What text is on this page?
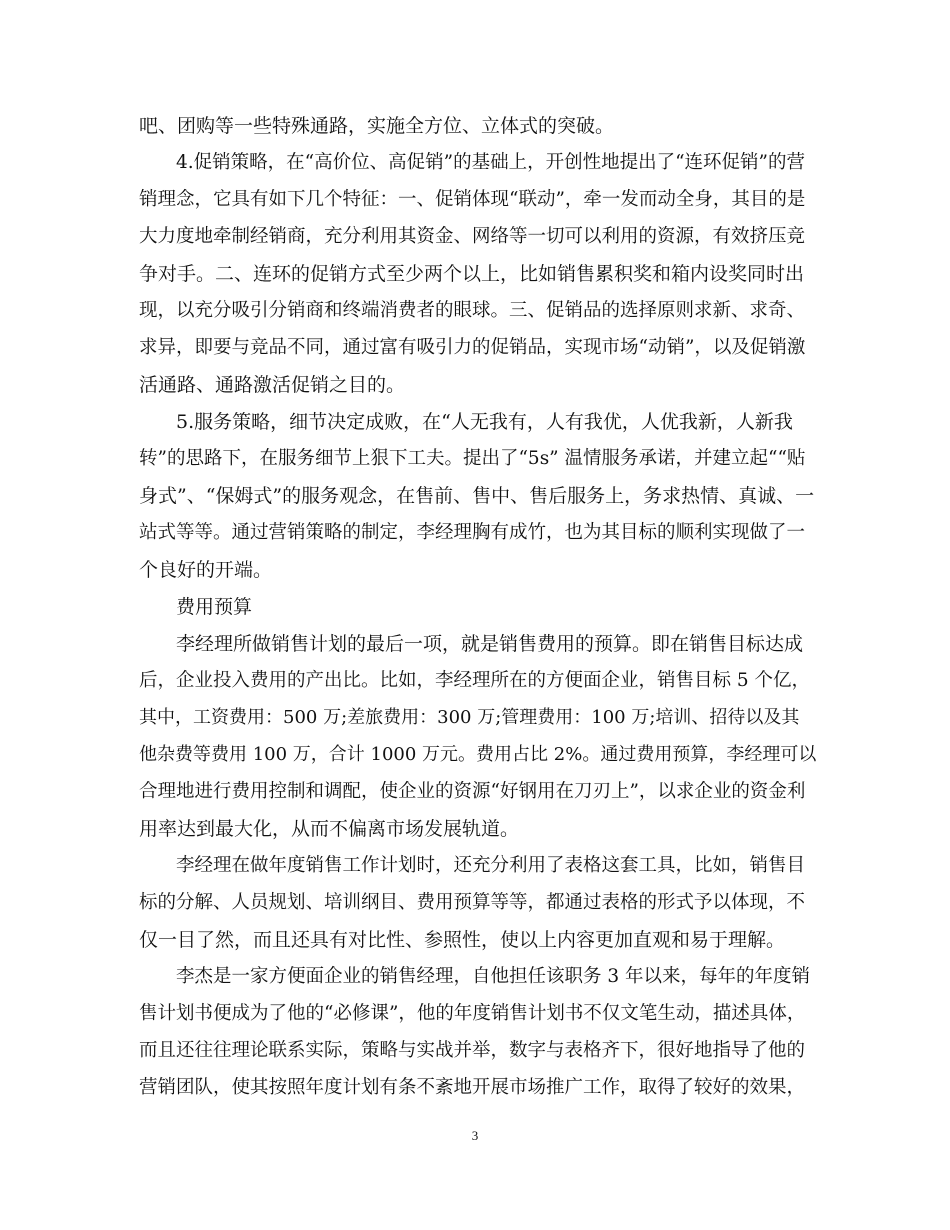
吧、团购等一些特殊通路，实施全方位、立体式的突破。
4.促销策略，在“高价位、高促销”的基础上，开创性地提出了“连环促销”的营
销理念，它具有如下几个特征：一、促销体现“联动”，牵一发而动全身，其目的是
大力度地牵制经销商，充分利用其资金、网络等一切可以利用的资源，有效挤压竞
争对手。二、连环的促销方式至少两个以上，比如销售累积奖和箱内设奖同时出
现，以充分吸引分销商和终端消费者的眼球。三、促销品的选择原则求新、求奇、
求异，即要与竞品不同，通过富有吸引力的促销品，实现市场“动销”，以及促销激
活通路、通路激活促销之目的。
5.服务策略，细节决定成败，在“人无我有，人有我优，人优我新，人新我
转”的思路下，在服务细节上狠下工夫。提出了“5s” 温情服务承诺，并建立起““贴
身式”、“保姆式”的服务观念，在售前、售中、售后服务上，务求热情、真诚、一
站式等等。通过营销策略的制定，李经理胸有成竹，也为其目标的顺利实现做了一
个良好的开端。
费用预算
李经理所做销售计划的最后一项，就是销售费用的预算。即在销售目标达成
后，企业投入费用的产出比。比如，李经理所在的方便面企业，销售目标 5 个亿，
其中，工资费用：500 万;差旅费用：300 万;管理费用：100 万;培训、招待以及其
他杂费等费用 100 万，合计 1000 万元。费用占比 2%。通过费用预算，李经理可以
合理地进行费用控制和调配，使企业的资源“好钢用在刀刃上”，以求企业的资金利
用率达到最大化，从而不偏离市场发展轨道。
李经理在做年度销售工作计划时，还充分利用了表格这套工具，比如，销售目
标的分解、人员规划、培训纲目、费用预算等等，都通过表格的形式予以体现，不
仅一目了然，而且还具有对比性、参照性，使以上内容更加直观和易于理解。
李杰是一家方便面企业的销售经理，自他担任该职务 3 年以来，每年的年度销
售计划书便成为了他的“必修课”，他的年度销售计划书不仅文笔生动，描述具体，
而且还往往理论联系实际，策略与实战并举，数字与表格齐下，很好地指导了他的
营销团队，使其按照年度计划有条不紊地开展市场推广工作，取得了较好的效果，
3
